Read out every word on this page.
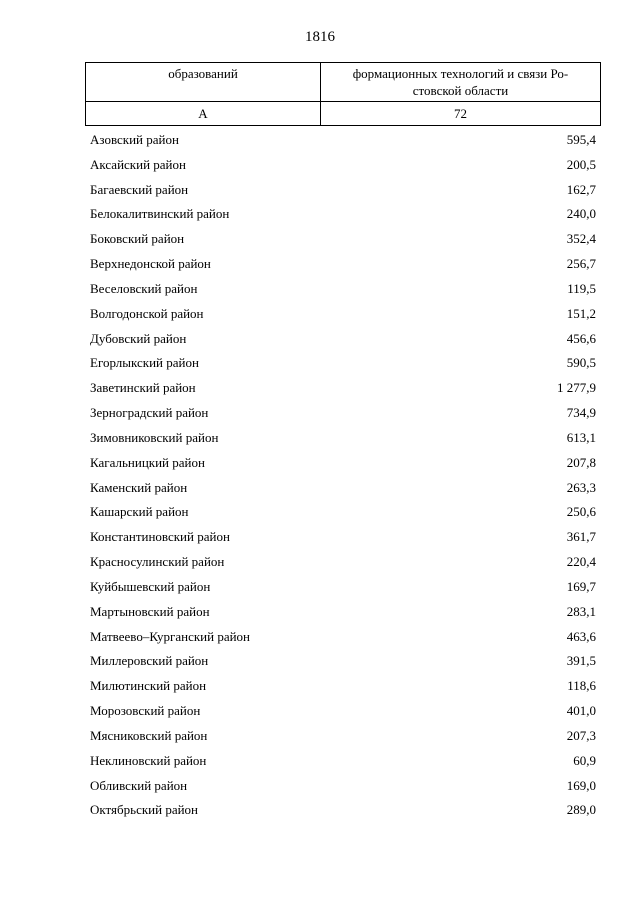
1816
образований	формационных технологий и связи Ро-
стовской области
А	72
Азовский район	595,4
Аксайский район	200,5
Багаевский район	162,7
Белокалитвинский район	240,0
Боковский район	352,4
Верхнедонской район	256,7
Веселовский район	119,5
Волгодонской район	151,2
Дубовский район	456,6
Егорлыкский район	590,5
Заветинский район	1 277,9
Зерноградский район	734,9
Зимовниковский район	613,1
Кагальницкий район	207,8
Каменский район	263,3
Кашарский район	250,6
Константиновский район	361,7
Красносулинский район	220,4
Куйбышевский район	169,7
Мартыновский район	283,1
Матвеево–Курганский район	463,6
Миллеровский район	391,5
Милютинский район	118,6
Морозовский район	401,0
Мясниковский район	207,3
Неклиновский район	60,9
Обливский район	169,0
Октябрьский район	289,0
